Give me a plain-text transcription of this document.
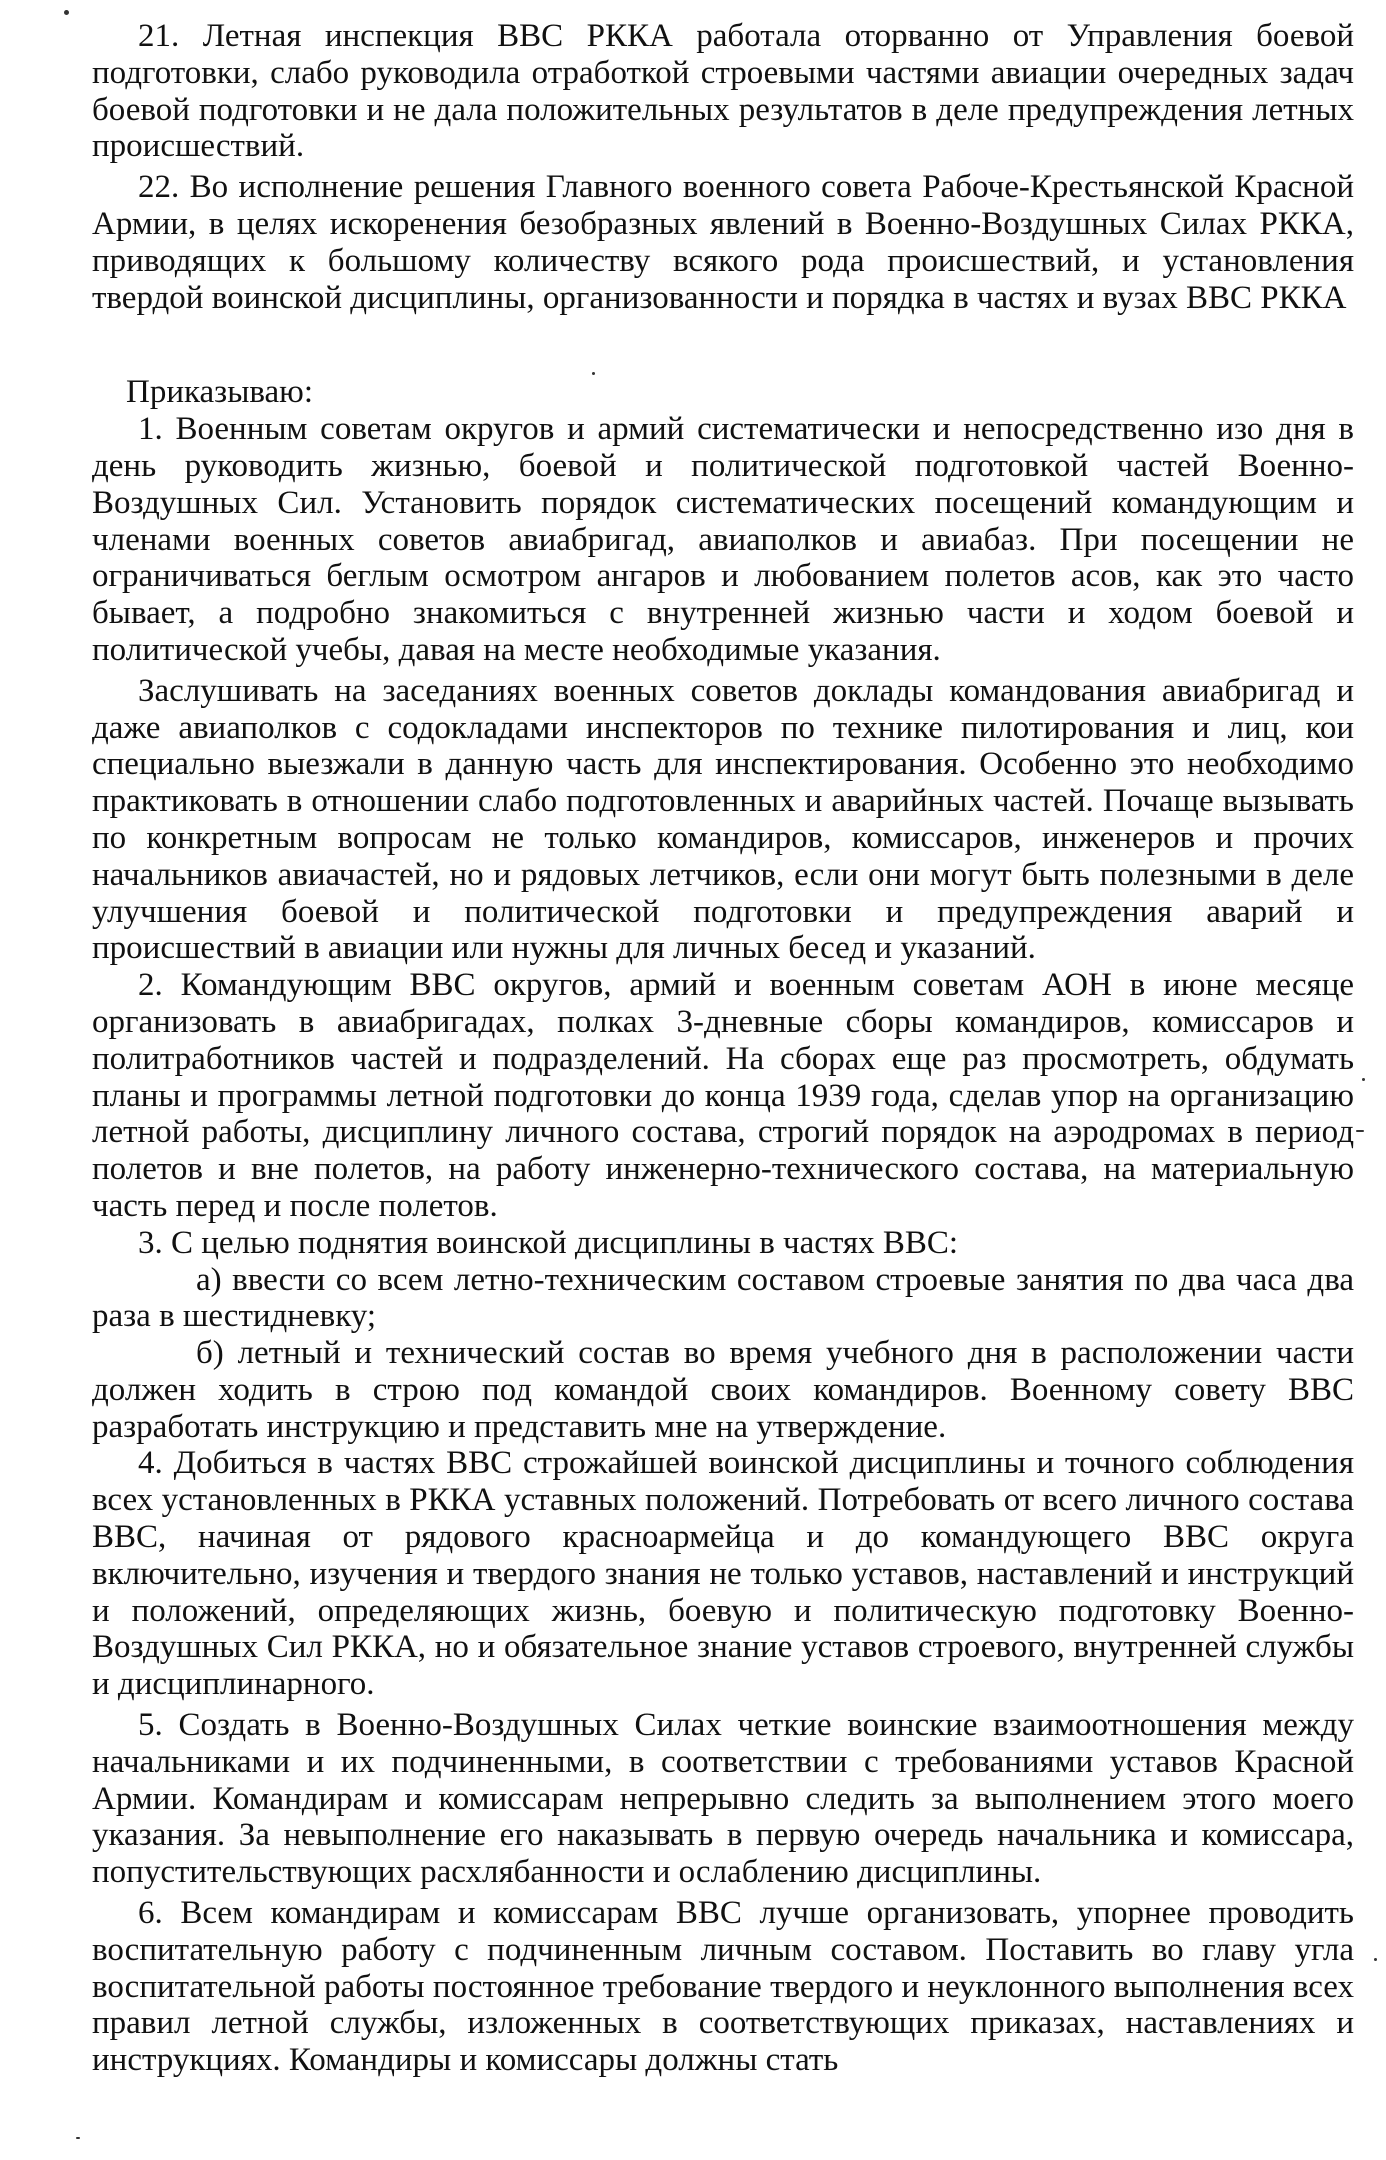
21. Летная инспекция ВВС РККА работала оторванно от Управления боевой подготовки, слабо руководила отработкой строевыми частями авиации очередных задач боевой подготовки и не дала положительных результатов в деле предупреждения летных происшествий.

22. Во исполнение решения Главного военного совета Рабоче-Крестьянской Красной Армии, в целях искоренения безобразных явлений в Военно-Воздушных Силах РККА, приводящих к большому количеству всякого рода происшествий, и установления твердой воинской дисциплины, организованности и порядка в частях и вузах ВВС РККА

Приказываю:

1. Военным советам округов и армий систематически и непосредственно изо дня в день руководить жизнью, боевой и политической подготовкой частей Военно-Воздушных Сил. Установить порядок систематических посещений командующим и членами военных советов авиабригад, авиаполков и авиабаз. При посещении не ограничиваться беглым осмотром ангаров и любованием полетов асов, как это часто бывает, а подробно знакомиться с внутренней жизнью части и ходом боевой и политической учебы, давая на месте необходимые указания.

Заслушивать на заседаниях военных советов доклады командования авиабригад и даже авиаполков с содокладами инспекторов по технике пилотирования и лиц, кои специально выезжали в данную часть для инспектирования. Особенно это необходимо практиковать в отношении слабо подготовленных и аварийных частей. Почаще вызывать по конкретным вопросам не только командиров, комиссаров, инженеров и прочих начальников авиачастей, но и рядовых летчиков, если они могут быть полезными в деле улучшения боевой и политической подготовки и предупреждения аварий и происшествий в авиации или нужны для личных бесед и указаний.

2. Командующим ВВС округов, армий и военным советам АОН в июне месяце организовать в авиабригадах, полках 3-дневные сборы командиров, комиссаров и политработников частей и подразделений. На сборах еще раз просмотреть, обдумать планы и программы летной подготовки до конца 1939 года, сделав упор на организацию летной работы, дисциплину личного состава, строгий порядок на аэродромах в период полетов и вне полетов, на работу инженерно-технического состава, на материальную часть перед и после полетов.

3. С целью поднятия воинской дисциплины в частях ВВС:

а) ввести со всем летно-техническим составом строевые занятия по два часа два раза в шестидневку;

б) летный и технический состав во время учебного дня в расположении части должен ходить в строю под командой своих командиров. Военному совету ВВС разработать инструкцию и представить мне на утверждение.

4. Добиться в частях ВВС строжайшей воинской дисциплины и точного соблюдения всех установленных в РККА уставных положений. Потребовать от всего личного состава ВВС, начиная от рядового красноармейца и до командующего ВВС округа включительно, изучения и твердого знания не только уставов, наставлений и инструкций и положений, определяющих жизнь, боевую и политическую подготовку Военно-Воздушных Сил РККА, но и обязательное знание уставов строевого, внутренней службы и дисциплинарного.

5. Создать в Военно-Воздушных Силах четкие воинские взаимоотношения между начальниками и их подчиненными, в соответствии с требованиями уставов Красной Армии. Командирам и комиссарам непрерывно следить за выполнением этого моего указания. За невыполнение его наказывать в первую очередь начальника и комиссара, попустительствующих расхлябанности и ослаблению дисциплины.

6. Всем командирам и комиссарам ВВС лучше организовать, упорнее проводить воспитательную работу с подчиненным личным составом. Поставить во главу угла воспитательной работы постоянное требование твердого и неуклонного выполнения всех правил летной службы, изложенных в соответствующих приказах, наставлениях и инструкциях. Командиры и комиссары должны стать
